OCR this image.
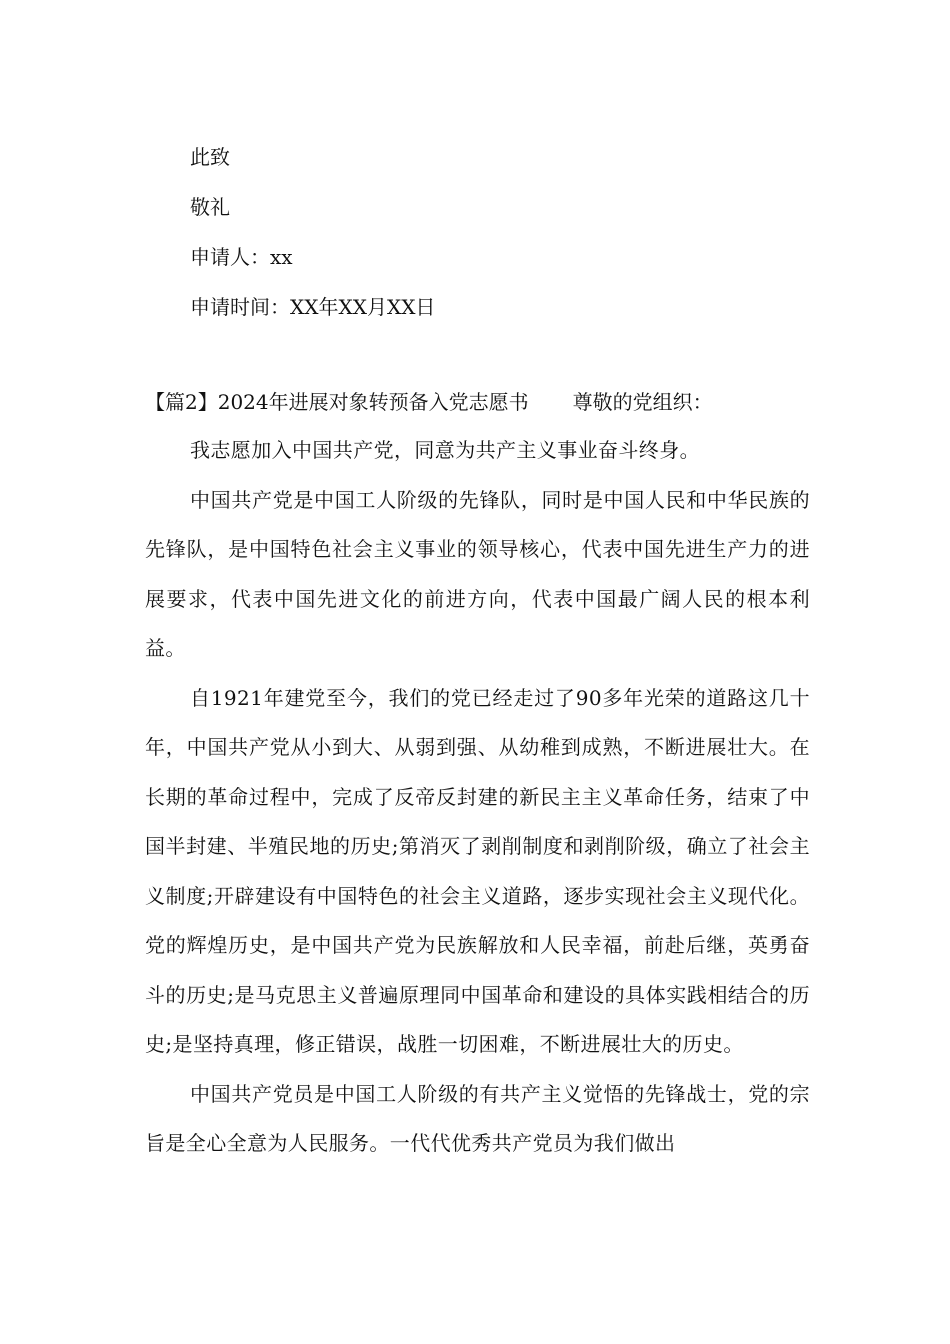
此致

敬礼

申请人：xx

申请时间：XX年XX月XX日

【篇2】2024年进展对象转预备入党志愿书 尊敬的党组织：

我志愿加入中国共产党，同意为共产主义事业奋斗终身。

中国共产党是中国工人阶级的先锋队，同时是中国人民和中华民族的先锋队，是中国特色社会主义事业的领导核心，代表中国先进生产力的进展要求，代表中国先进文化的前进方向，代表中国最广阔人民的根本利益。

自1921年建党至今，我们的党已经走过了90多年光荣的道路这几十年，中国共产党从小到大、从弱到强、从幼稚到成熟，不断进展壮大。在长期的革命过程中，完成了反帝反封建的新民主主义革命任务，结束了中国半封建、半殖民地的历史;第消灭了剥削制度和剥削阶级，确立了社会主义制度;开辟建设有中国特色的社会主义道路，逐步实现社会主义现代化。党的辉煌历史，是中国共产党为民族解放和人民幸福，前赴后继，英勇奋斗的历史;是马克思主义普遍原理同中国革命和建设的具体实践相结合的历史;是坚持真理，修正错误，战胜一切困难，不断进展壮大的历史。

中国共产党员是中国工人阶级的有共产主义觉悟的先锋战士，党的宗旨是全心全意为人民服务。一代代优秀共产党员为我们做出
